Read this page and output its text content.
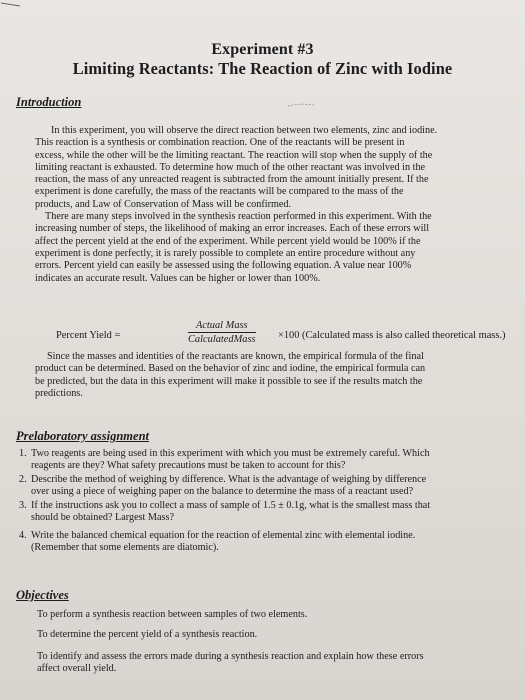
Experiment #3
Limiting Reactants: The Reaction of Zinc with Iodine
Introduction
In this experiment, you will observe the direct reaction between two elements, zinc and iodine.
This reaction is a synthesis or combination reaction. One of the reactants will be present in
excess, while the other will be the limiting reactant. The reaction will stop when the supply of the
limiting reactant is exhausted. To determine how much of the other reactant was involved in the
reaction, the mass of any unreacted reagent is subtracted from the amount initially present. If the
experiment is done carefully, the mass of the reactants will be compared to the mass of the
products, and Law of Conservation of Mass will be confirmed.
There are many steps involved in the synthesis reaction performed in this experiment. With the
increasing number of steps, the likelihood of making an error increases. Each of these errors will
affect the percent yield at the end of the experiment. While percent yield would be 100% if the
experiment is done perfectly, it is rarely possible to complete an entire procedure without any
errors. Percent yield can easily be assessed using the following equation. A value near 100%
indicates an accurate result. Values can be higher or lower than 100%.
Percent Yield =
Actual Mass
CalculatedMass ×100 (Calculated mass is also called theoretical mass.)
Since the masses and identities of the reactants are known, the empirical formula of the final
product can be determined. Based on the behavior of zinc and iodine, the empirical formula can
be predicted, but the data in this experiment will make it possible to see if the results match the
predictions.
Prelaboratory assignment
1. Two reagents are being used in this experiment with which you must be extremely careful. Which
reagents are they? What safety precautions must be taken to account for this?
2. Describe the method of weighing by difference. What is the advantage of weighing by difference
over using a piece of weighing paper on the balance to determine the mass of a reactant used?
3. If the instructions ask you to collect a mass of sample of 1.5 ± 0.1g, what is the smallest mass that
should be obtained? Largest Mass?
4. Write the balanced chemical equation for the reaction of elemental zinc with elemental iodine.
(Remember that some elements are diatomic).
Objectives
To perform a synthesis reaction between samples of two elements.
To determine the percent yield of a synthesis reaction.
To identify and assess the errors made during a synthesis reaction and explain how these errors
affect overall yield.
